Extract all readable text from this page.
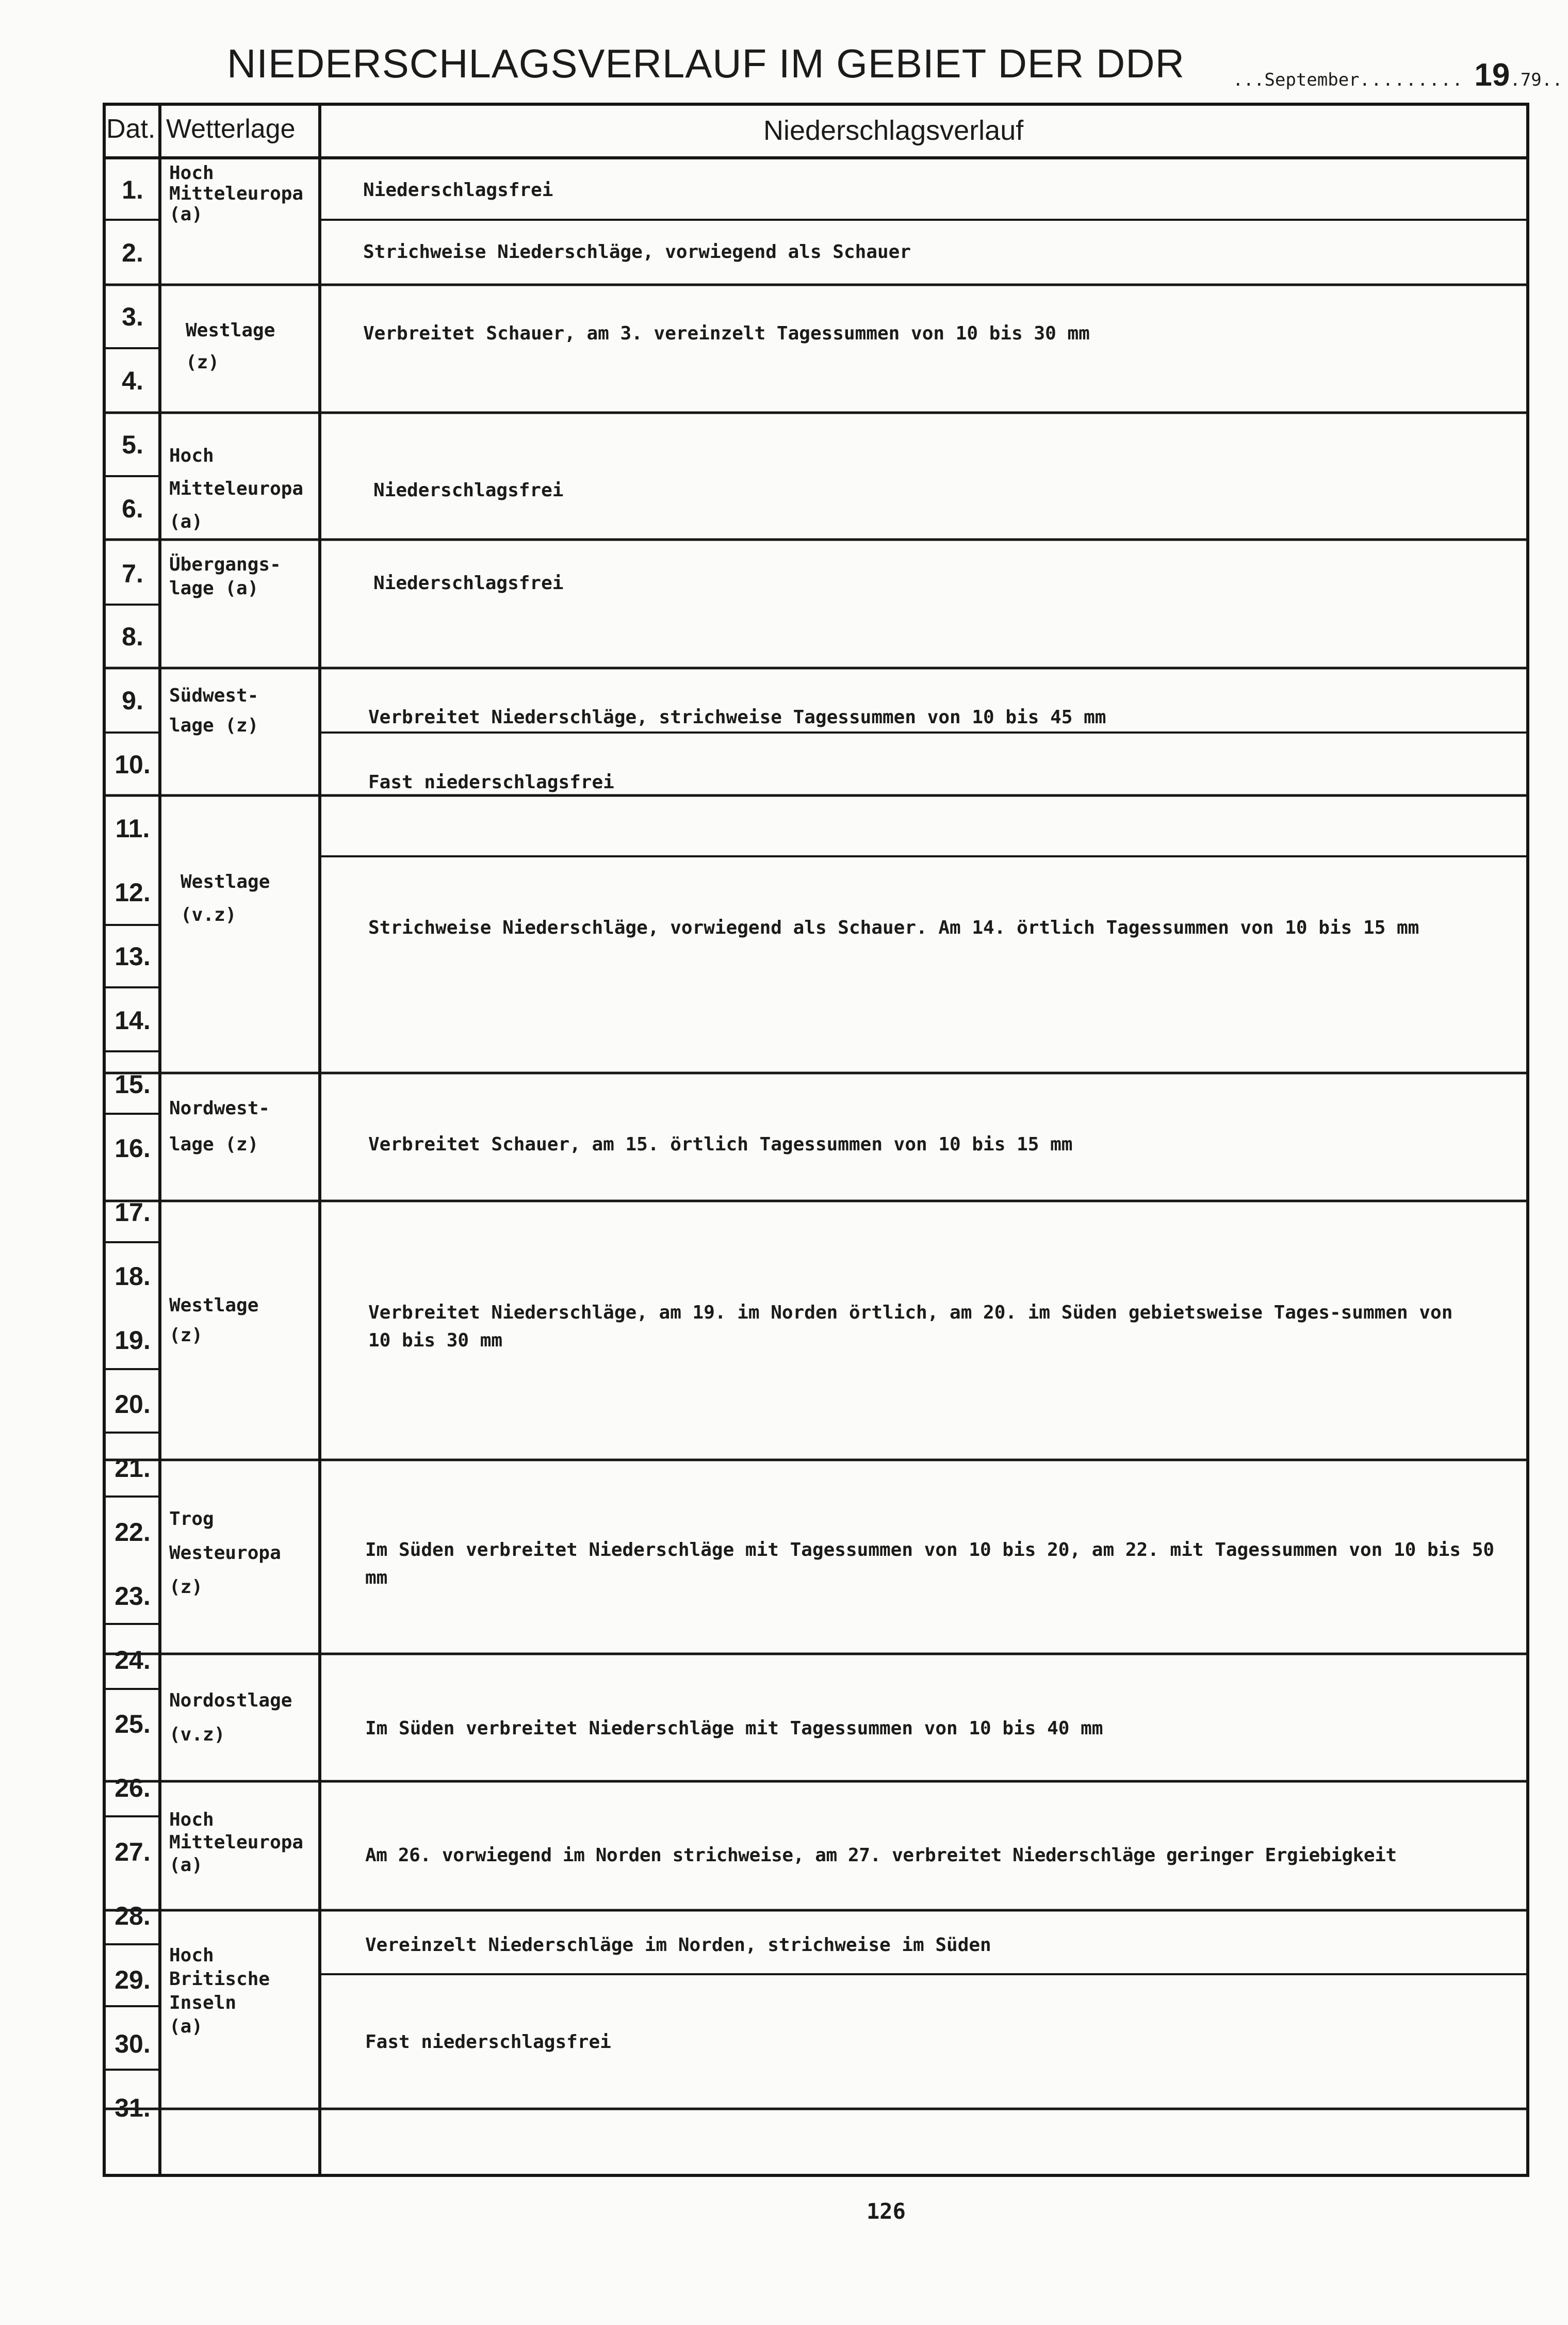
NIEDERSCHLAGSVERLAUF IM GEBIET DER DDR	...September......... 19.79..
Dat. Wetterlage	Niederschlagsverlauf
1.
2.
3.
4.
5.
6.
7.
8.
9.
10.
11.
12.
13.
14.
15.
16.
17.
18.
19.
20.
21.
22.
23.
24.
25.
26.
27.
28.
29.
30.
31.
Hoch
Mitteleuropa
(a)
Westlage
(z)
Hoch
Mitteleuropa
(a)
Übergangs-
lage (a)
Südwest-
lage (z)
Westlage
(v.z)
Nordwest-
lage (z)
Westlage
(z)
Trog
Westeuropa
(z)
Nordostlage
(v.z)
Hoch
Mitteleuropa
(a)
Hoch
Britische
Inseln
(a)
Niederschlagsfrei
Strichweise Niederschläge, vorwiegend als Schauer
Verbreitet Schauer, am 3. vereinzelt Tagessummen von 10 bis 30 mm
Niederschlagsfrei
Niederschlagsfrei
Verbreitet Niederschläge, strichweise Tagessummen von 10 bis 45 mm
Fast niederschlagsfrei
Strichweise Niederschläge, vorwiegend als Schauer. Am 14. örtlich Tagessummen von 10 bis 15 mm
Verbreitet Schauer, am 15. örtlich Tagessummen von 10 bis 15 mm
Verbreitet Niederschläge, am 19. im Norden örtlich, am 20. im Süden gebietsweise Tages-summen von 10 bis 30 mm
Im Süden verbreitet Niederschläge mit Tagessummen von 10 bis 20, am 22. mit Tagessummen von 10 bis 50 mm
Im Süden verbreitet Niederschläge mit Tagessummen von 10 bis 40 mm
Am 26. vorwiegend im Norden strichweise, am 27. verbreitet Niederschläge geringer Ergiebigkeit
Vereinzelt Niederschläge im Norden, strichweise im Süden
Fast niederschlagsfrei
126
